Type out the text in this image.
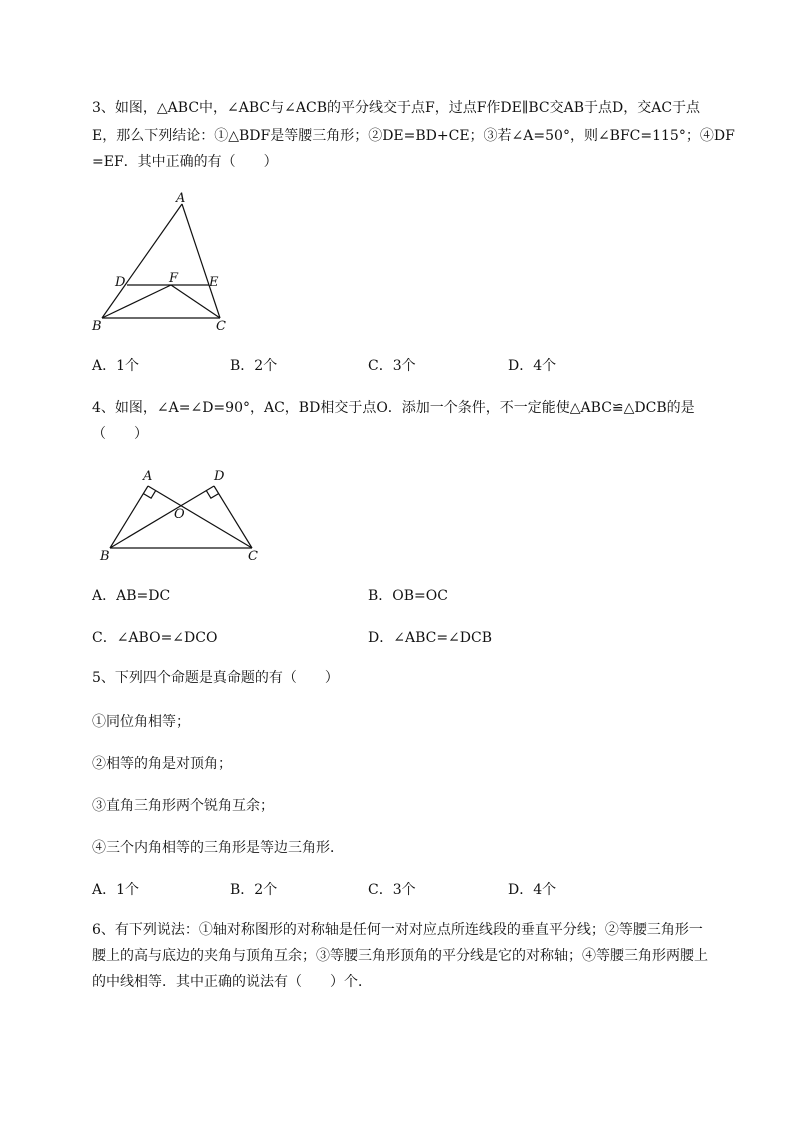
3、如图，△ABC中，∠ABC与∠ACB的平分线交于点F，过点F作DE∥BC交AB于点D，交AC于点
E，那么下列结论：①△BDF是等腰三角形；②DE=BD+CE；③若∠A=50°，则∠BFC=115°；④DF
=EF．其中正确的有（　　）
A
B	C
D	E
F
A．1个	B．2个	C．3个	D．4个
4、如图，∠A=∠D=90°，AC，BD相交于点O．添加一个条件，不一定能使△ABC≌△DCB的是
（　　）
A	D
O
B	C
A．AB=DC	B．OB=OC
C．∠ABO=∠DCO	D．∠ABC=∠DCB
5、下列四个命题是真命题的有（　　）
①同位角相等；
②相等的角是对顶角；
③直角三角形两个锐角互余；
④三个内角相等的三角形是等边三角形．
A．1个	B．2个	C．3个	D．4个
6、有下列说法：①轴对称图形的对称轴是任何一对对应点所连线段的垂直平分线；②等腰三角形一
腰上的高与底边的夹角与顶角互余；③等腰三角形顶角的平分线是它的对称轴；④等腰三角形两腰上
的中线相等．其中正确的说法有（　　）个．
